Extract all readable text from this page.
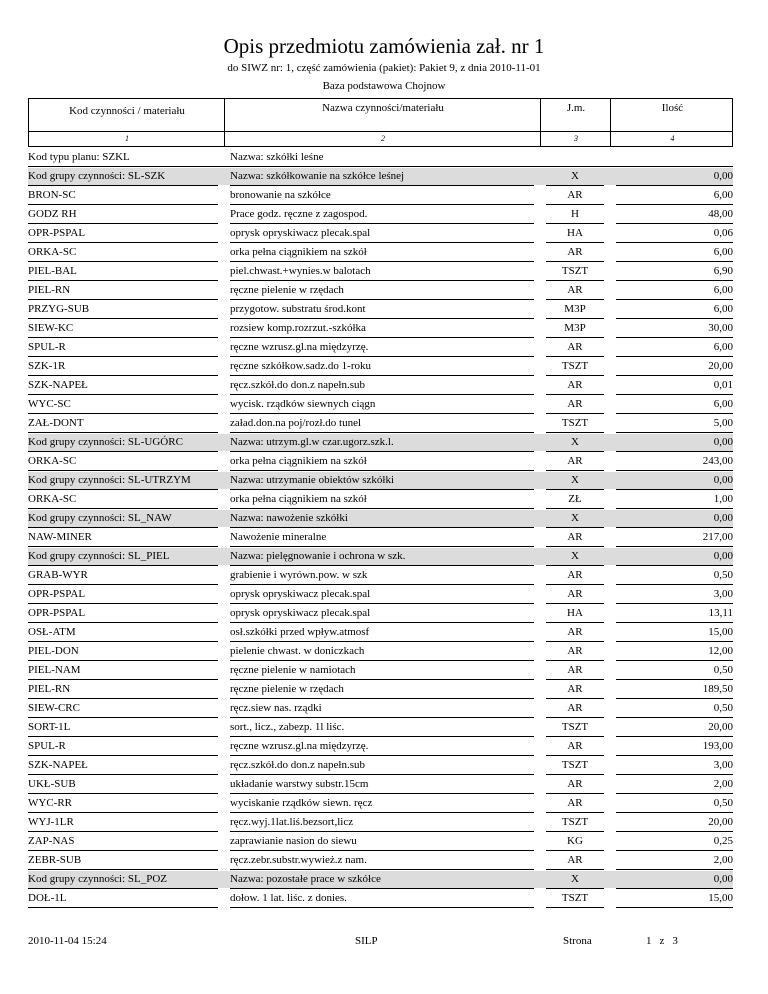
Opis przedmiotu zamówienia zał. nr 1
do SIWZ nr: 1, część zamówienia (pakiet): Pakiet 9, z dnia 2010-11-01
Baza podstawowa Chojnow
Kod czynności / materiału	Nazwa czynności/materiału	J.m.	Ilość
1	2	3	4
Kod typu planu: SZKL	Nazwa: szkółki leśne
Kod grupy czynności: SL-SZK	Nazwa: szkółkowanie na szkółce leśnej	X	0,00
BRON-SC	bronowanie na szkółce	AR	6,00
GODZ RH	Prace godz. ręczne z zagospod.	H	48,00
OPR-PSPAL	oprysk opryskiwacz plecak.spal	HA	0,06
ORKA-SC	orka pełna ciągnikiem na szkół	AR	6,00
PIEL-BAL	piel.chwast.+wynies.w balotach	TSZT	6,90
PIEL-RN	ręczne pielenie w rzędach	AR	6,00
PRZYG-SUB	przygotow. substratu środ.kont	M3P	6,00
SIEW-KC	rozsiew komp.rozrzut.-szkółka	M3P	30,00
SPUL-R	ręczne wzrusz.gl.na międzyrzę.	AR	6,00
SZK-1R	ręczne szkółkow.sadz.do 1-roku	TSZT	20,00
SZK-NAPEŁ	ręcz.szkół.do don.z napełn.sub	AR	0,01
WYC-SC	wycisk. rządków siewnych ciągn	AR	6,00
ZAŁ-DONT	załad.don.na poj/rozł.do tunel	TSZT	5,00
Kod grupy czynności: SL-UGÓRC	Nazwa: utrzym.gl.w czar.ugorz.szk.l.	X	0,00
ORKA-SC	orka pełna ciągnikiem na szkół	AR	243,00
Kod grupy czynności: SL-UTRZYM	Nazwa: utrzymanie obiektów szkółki	X	0,00
ORKA-SC	orka pełna ciągnikiem na szkół	ZŁ	1,00
Kod grupy czynności: SL_NAW	Nazwa: nawożenie szkółki	X	0,00
NAW-MINER	Nawożenie mineralne	AR	217,00
Kod grupy czynności: SL_PIEL	Nazwa: pielęgnowanie i ochrona w szk.	X	0,00
GRAB-WYR	grabienie i wyrówn.pow. w szk	AR	0,50
OPR-PSPAL	oprysk opryskiwacz plecak.spal	AR	3,00
OPR-PSPAL	oprysk opryskiwacz plecak.spal	HA	13,11
OSŁ-ATM	osł.szkółki przed wpływ.atmosf	AR	15,00
PIEL-DON	pielenie chwast. w doniczkach	AR	12,00
PIEL-NAM	ręczne pielenie w namiotach	AR	0,50
PIEL-RN	ręczne pielenie w rzędach	AR	189,50
SIEW-CRC	ręcz.siew nas. rządki	AR	0,50
SORT-1L	sort., licz., zabezp. 1l liśc.	TSZT	20,00
SPUL-R	ręczne wzrusz.gl.na międzyrzę.	AR	193,00
SZK-NAPEŁ	ręcz.szkół.do don.z napełn.sub	TSZT	3,00
UKŁ-SUB	układanie warstwy substr.15cm	AR	2,00
WYC-RR	wyciskanie rządków siewn. ręcz	AR	0,50
WYJ-1LR	ręcz.wyj.1lat.liś.bezsort,licz	TSZT	20,00
ZAP-NAS	zaprawianie nasion do siewu	KG	0,25
ZEBR-SUB	ręcz.zebr.substr.wywież.z nam.	AR	2,00
Kod grupy czynności: SL_POZ	Nazwa: pozostałe prace w szkółce	X	0,00
DOŁ-1L	dołow. 1 lat. liśc. z donies.	TSZT	15,00
2010-11-04 15:24	SILP	Strona	1 z 3
